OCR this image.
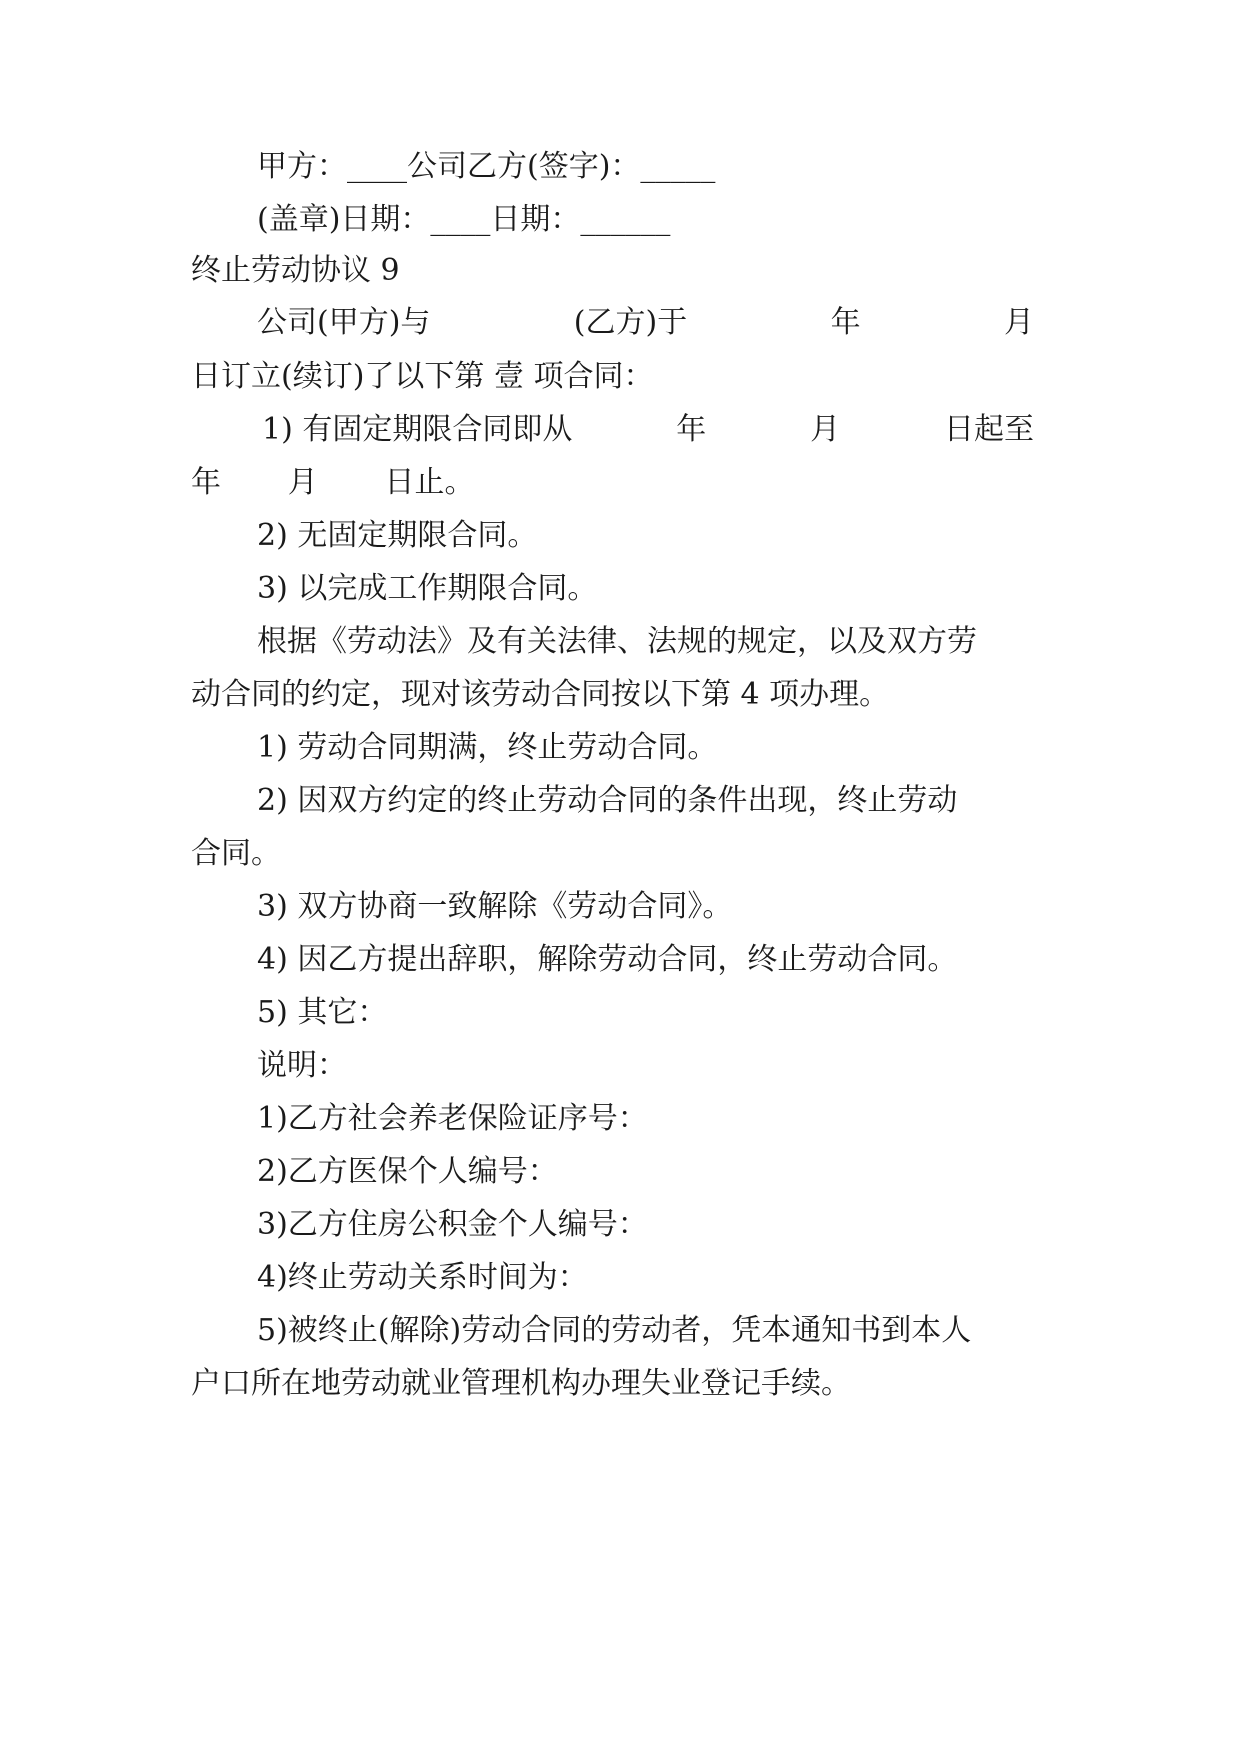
甲方：____公司乙方(签字)：_____
(盖章)日期：____日期：______
终止劳动协议 9
公司(甲方)与	(乙方)于	年	月
日订立(续订)了以下第 壹 项合同：
1) 有固定期限合同即从	年	月	日起至
年       月       日止。
2) 无固定期限合同。
3) 以完成工作期限合同。
根据《劳动法》及有关法律、法规的规定，以及双方劳
动合同的约定，现对该劳动合同按以下第 4 项办理。
1) 劳动合同期满，终止劳动合同。
2) 因双方约定的终止劳动合同的条件出现，终止劳动
合同。
3) 双方协商一致解除《劳动合同》。
4) 因乙方提出辞职，解除劳动合同，终止劳动合同。
5) 其它：
说明：
1)乙方社会养老保险证序号：
2)乙方医保个人编号：
3)乙方住房公积金个人编号：
4)终止劳动关系时间为：
5)被终止(解除)劳动合同的劳动者，凭本通知书到本人
户口所在地劳动就业管理机构办理失业登记手续。
